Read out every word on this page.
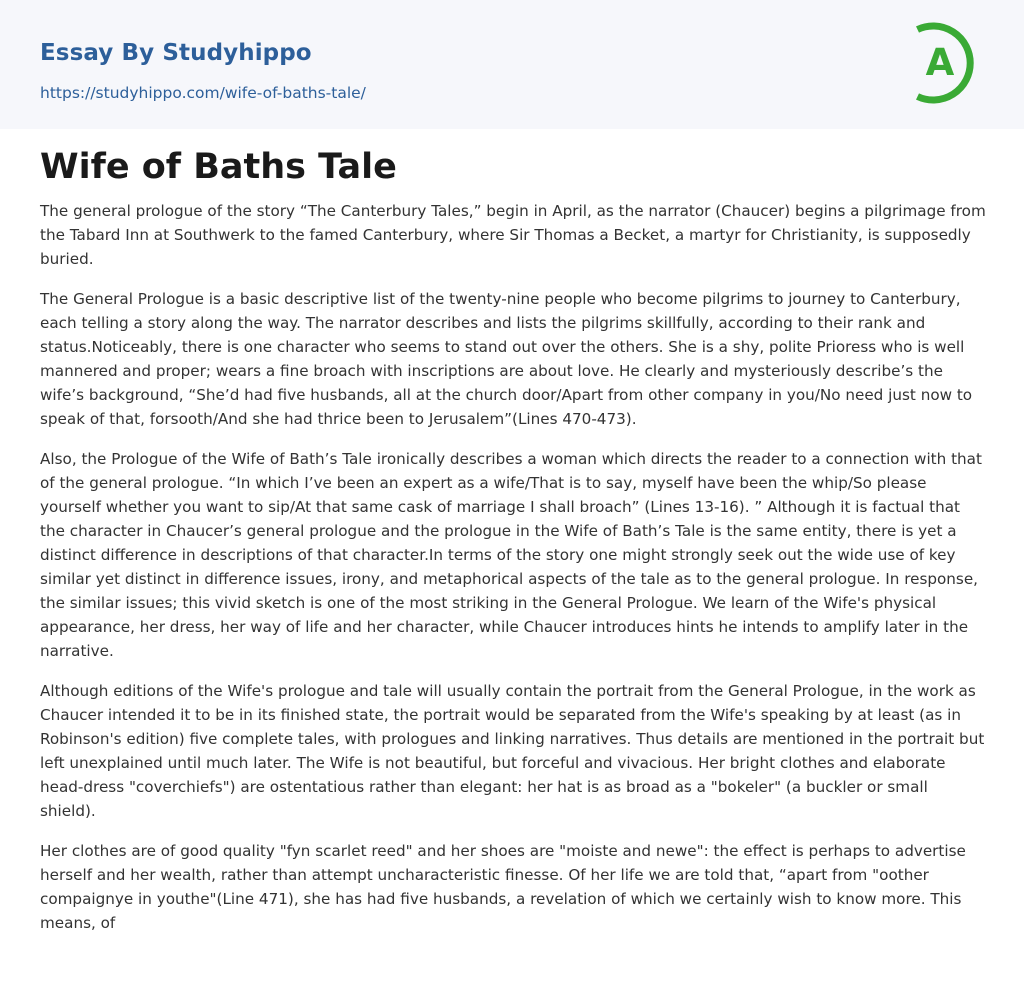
Essay By Studyhippo
https://studyhippo.com/wife-of-baths-tale/
A
Wife of Baths Tale

The general prologue of the story “The Canterbury Tales,” begin in April, as the narrator (Chaucer) begins a pilgrimage from the Tabard Inn at Southwerk to the famed Canterbury, where Sir Thomas a Becket, a martyr for Christianity, is supposedly buried.

The General Prologue is a basic descriptive list of the twenty-nine people who become pilgrims to journey to Canterbury, each telling a story along the way. The narrator describes and lists the pilgrims skillfully, according to their rank and status.Noticeably, there is one character who seems to stand out over the others. She is a shy, polite Prioress who is well mannered and proper; wears a fine broach with inscriptions are about love. He clearly and mysteriously describe’s the wife’s background, “She’d had five husbands, all at the church door/Apart from other company in you/No need just now to speak of that, forsooth/And she had thrice been to Jerusalem”(Lines 470-473).

Also, the Prologue of the Wife of Bath’s Tale ironically describes a woman which directs the reader to a connection with that of the general prologue. “In which I’ve been an expert as a wife/That is to say, myself have been the whip/So please yourself whether you want to sip/At that same cask of marriage I shall broach” (Lines 13-16). ” Although it is factual that the character in Chaucer’s general prologue and the prologue in the Wife of Bath’s Tale is the same entity, there is yet a distinct difference in descriptions of that character.In terms of the story one might strongly seek out the wide use of key similar yet distinct in difference issues, irony, and metaphorical aspects of the tale as to the general prologue. In response, the similar issues; this vivid sketch is one of the most striking in the General Prologue. We learn of the Wife's physical appearance, her dress, her way of life and her character, while Chaucer introduces hints he intends to amplify later in the narrative.

Although editions of the Wife's prologue and tale will usually contain the portrait from the General Prologue, in the work as Chaucer intended it to be in its finished state, the portrait would be separated from the Wife's speaking by at least (as in Robinson's edition) five complete tales, with prologues and linking narratives. Thus details are mentioned in the portrait but left unexplained until much later. The Wife is not beautiful, but forceful and vivacious. Her bright clothes and elaborate head-dress "coverchiefs") are ostentatious rather than elegant: her hat is as broad as a "bokeler" (a buckler or small shield).

Her clothes are of good quality "fyn scarlet reed" and her shoes are "moiste and newe": the effect is perhaps to advertise herself and her wealth, rather than attempt uncharacteristic finesse. Of her life we are told that, “apart from "oother compaignye in youthe"(Line 471), she has had five husbands, a revelation of which we certainly wish to know more. This means, of
